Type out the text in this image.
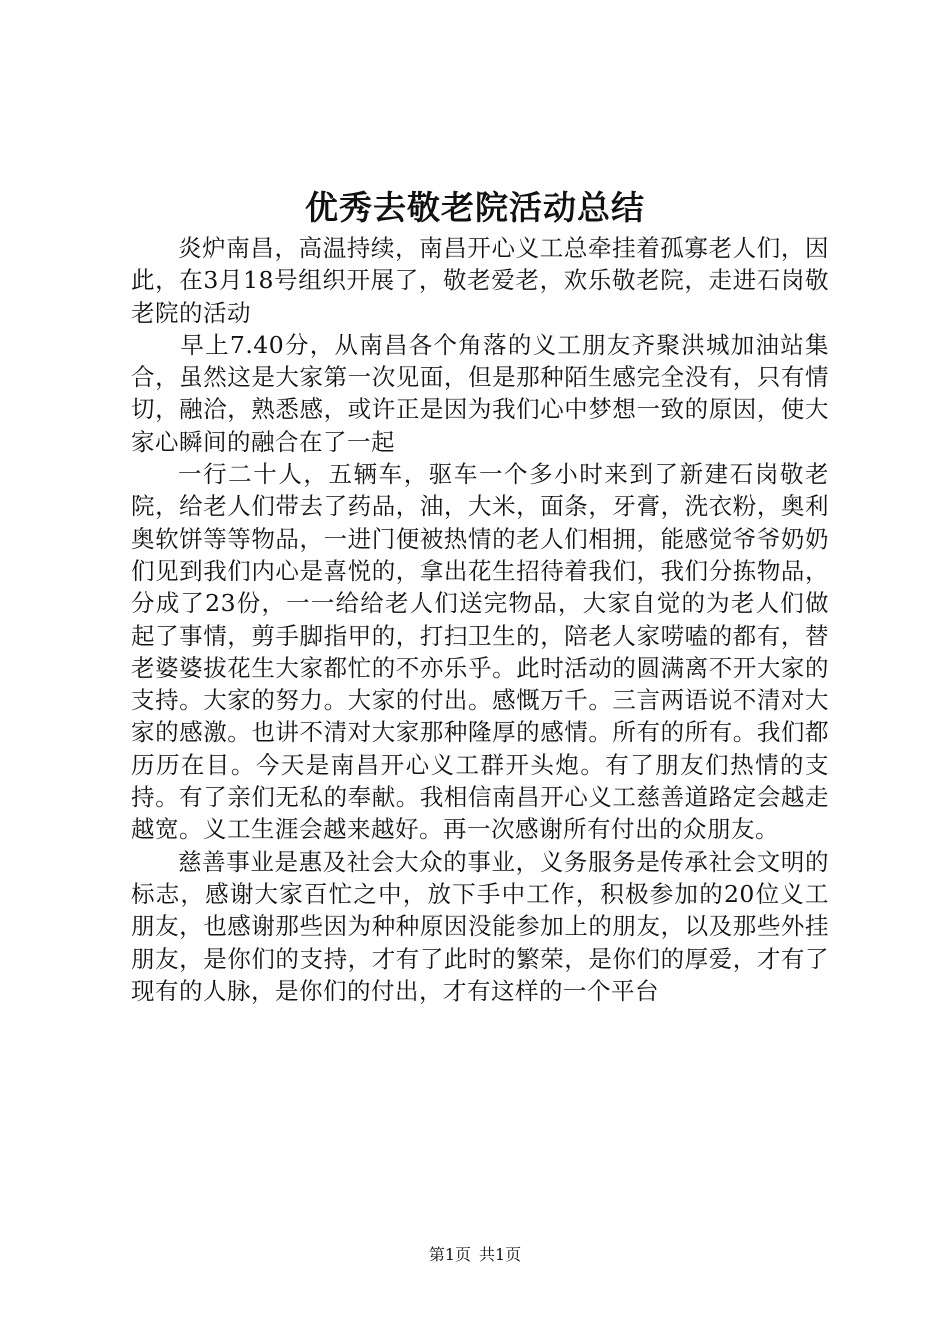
优秀去敬老院活动总结

炎炉南昌，高温持续，南昌开心义工总牵挂着孤寡老人们，因此，在3月18号组织开展了，敬老爱老，欢乐敬老院，走进石岗敬老院的活动

早上7.40分，从南昌各个角落的义工朋友齐聚洪城加油站集合，虽然这是大家第一次见面，但是那种陌生感完全没有，只有情切，融洽，熟悉感，或许正是因为我们心中梦想一致的原因，使大家心瞬间的融合在了一起

一行二十人，五辆车，驱车一个多小时来到了新建石岗敬老院，给老人们带去了药品，油，大米，面条，牙膏，洗衣粉，奥利奥软饼等等物品，一进门便被热情的老人们相拥，能感觉爷爷奶奶们见到我们内心是喜悦的，拿出花生招待着我们，我们分拣物品，分成了23份，一一给给老人们送完物品，大家自觉的为老人们做起了事情，剪手脚指甲的，打扫卫生的，陪老人家唠嗑的都有，替老婆婆拔花生大家都忙的不亦乐乎。此时活动的圆满离不开大家的支持。大家的努力。大家的付出。感慨万千。三言两语说不清对大家的感激。也讲不清对大家那种隆厚的感情。所有的所有。我们都历历在目。今天是南昌开心义工群开头炮。有了朋友们热情的支持。有了亲们无私的奉献。我相信南昌开心义工慈善道路定会越走越宽。义工生涯会越来越好。再一次感谢所有付出的众朋友。

慈善事业是惠及社会大众的事业，义务服务是传承社会文明的标志，感谢大家百忙之中，放下手中工作，积极参加的20位义工朋友，也感谢那些因为种种原因没能参加上的朋友，以及那些外挂朋友，是你们的支持，才有了此时的繁荣，是你们的厚爱，才有了现有的人脉，是你们的付出，才有这样的一个平台

第1页 共1页
